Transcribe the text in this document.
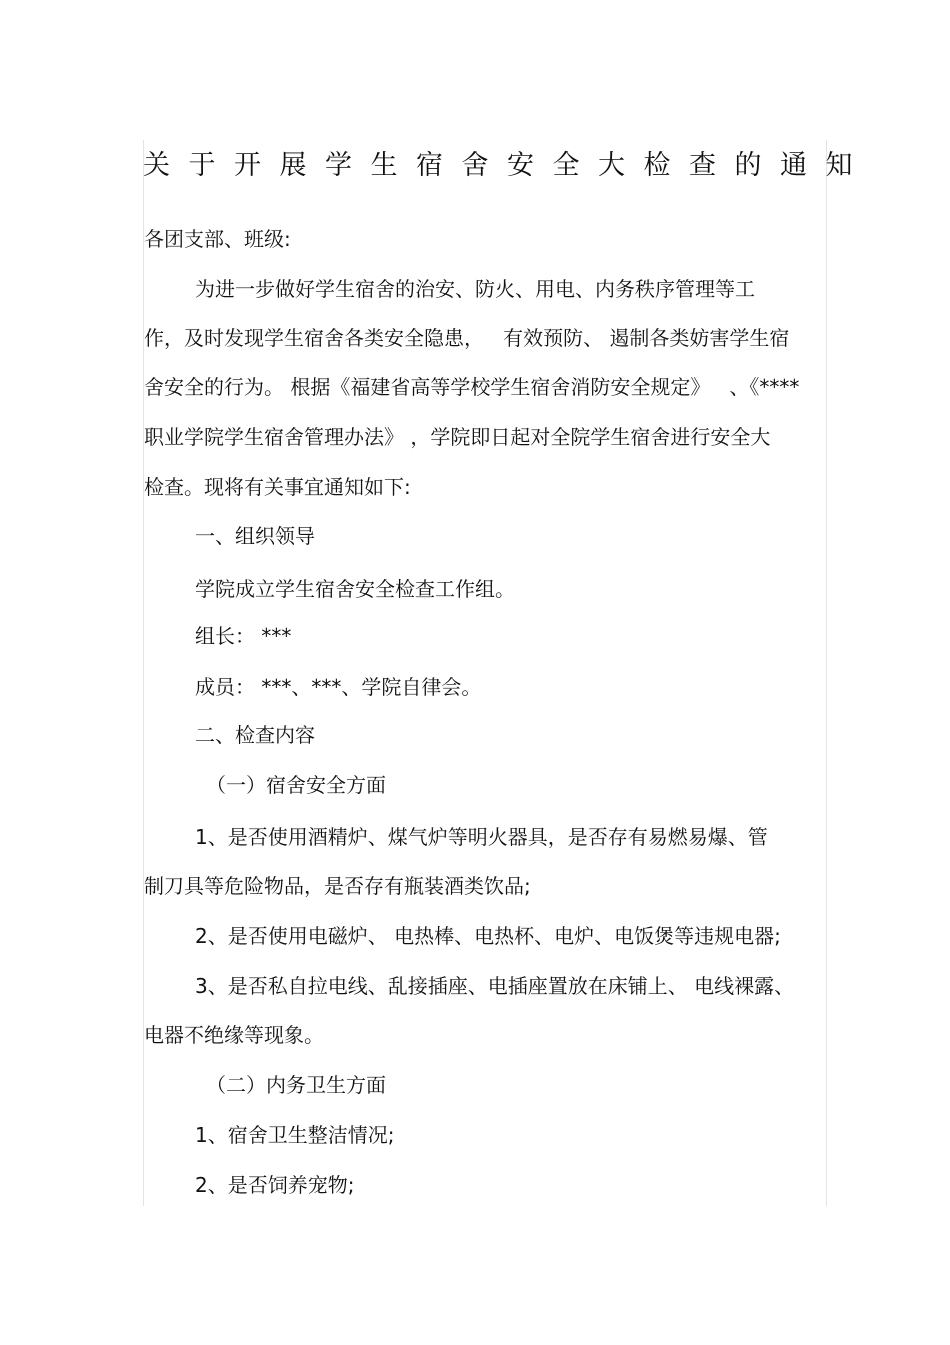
关于开展学生宿舍安全大检查的通知
各团支部、班级:
为进一步做好学生宿舍的治安、防火、用电、内务秩序管理等工
作，及时发现学生宿舍各类安全隐患，   有效预防、 遏制各类妨害学生宿
舍安全的行为。 根据《福建省高等学校学生宿舍消防安全规定》   、《****
职业学院学生宿舍管理办法》 ，学院即日起对全院学生宿舍进行安全大
检查。现将有关事宜通知如下:
一、组织领导
学院成立学生宿舍安全检查工作组。
组长： ***
成员： ***、***、学院自律会。
二、检查内容
（一）宿舍安全方面
1、是否使用酒精炉、煤气炉等明火器具，是否存有易燃易爆、管
制刀具等危险物品，是否存有瓶装酒类饮品;
2、是否使用电磁炉、 电热棒、电热杯、电炉、电饭煲等违规电器;
3、是否私自拉电线、乱接插座、电插座置放在床铺上、 电线裸露、
电器不绝缘等现象。
（二）内务卫生方面
1、宿舍卫生整洁情况;
2、是否饲养宠物;
